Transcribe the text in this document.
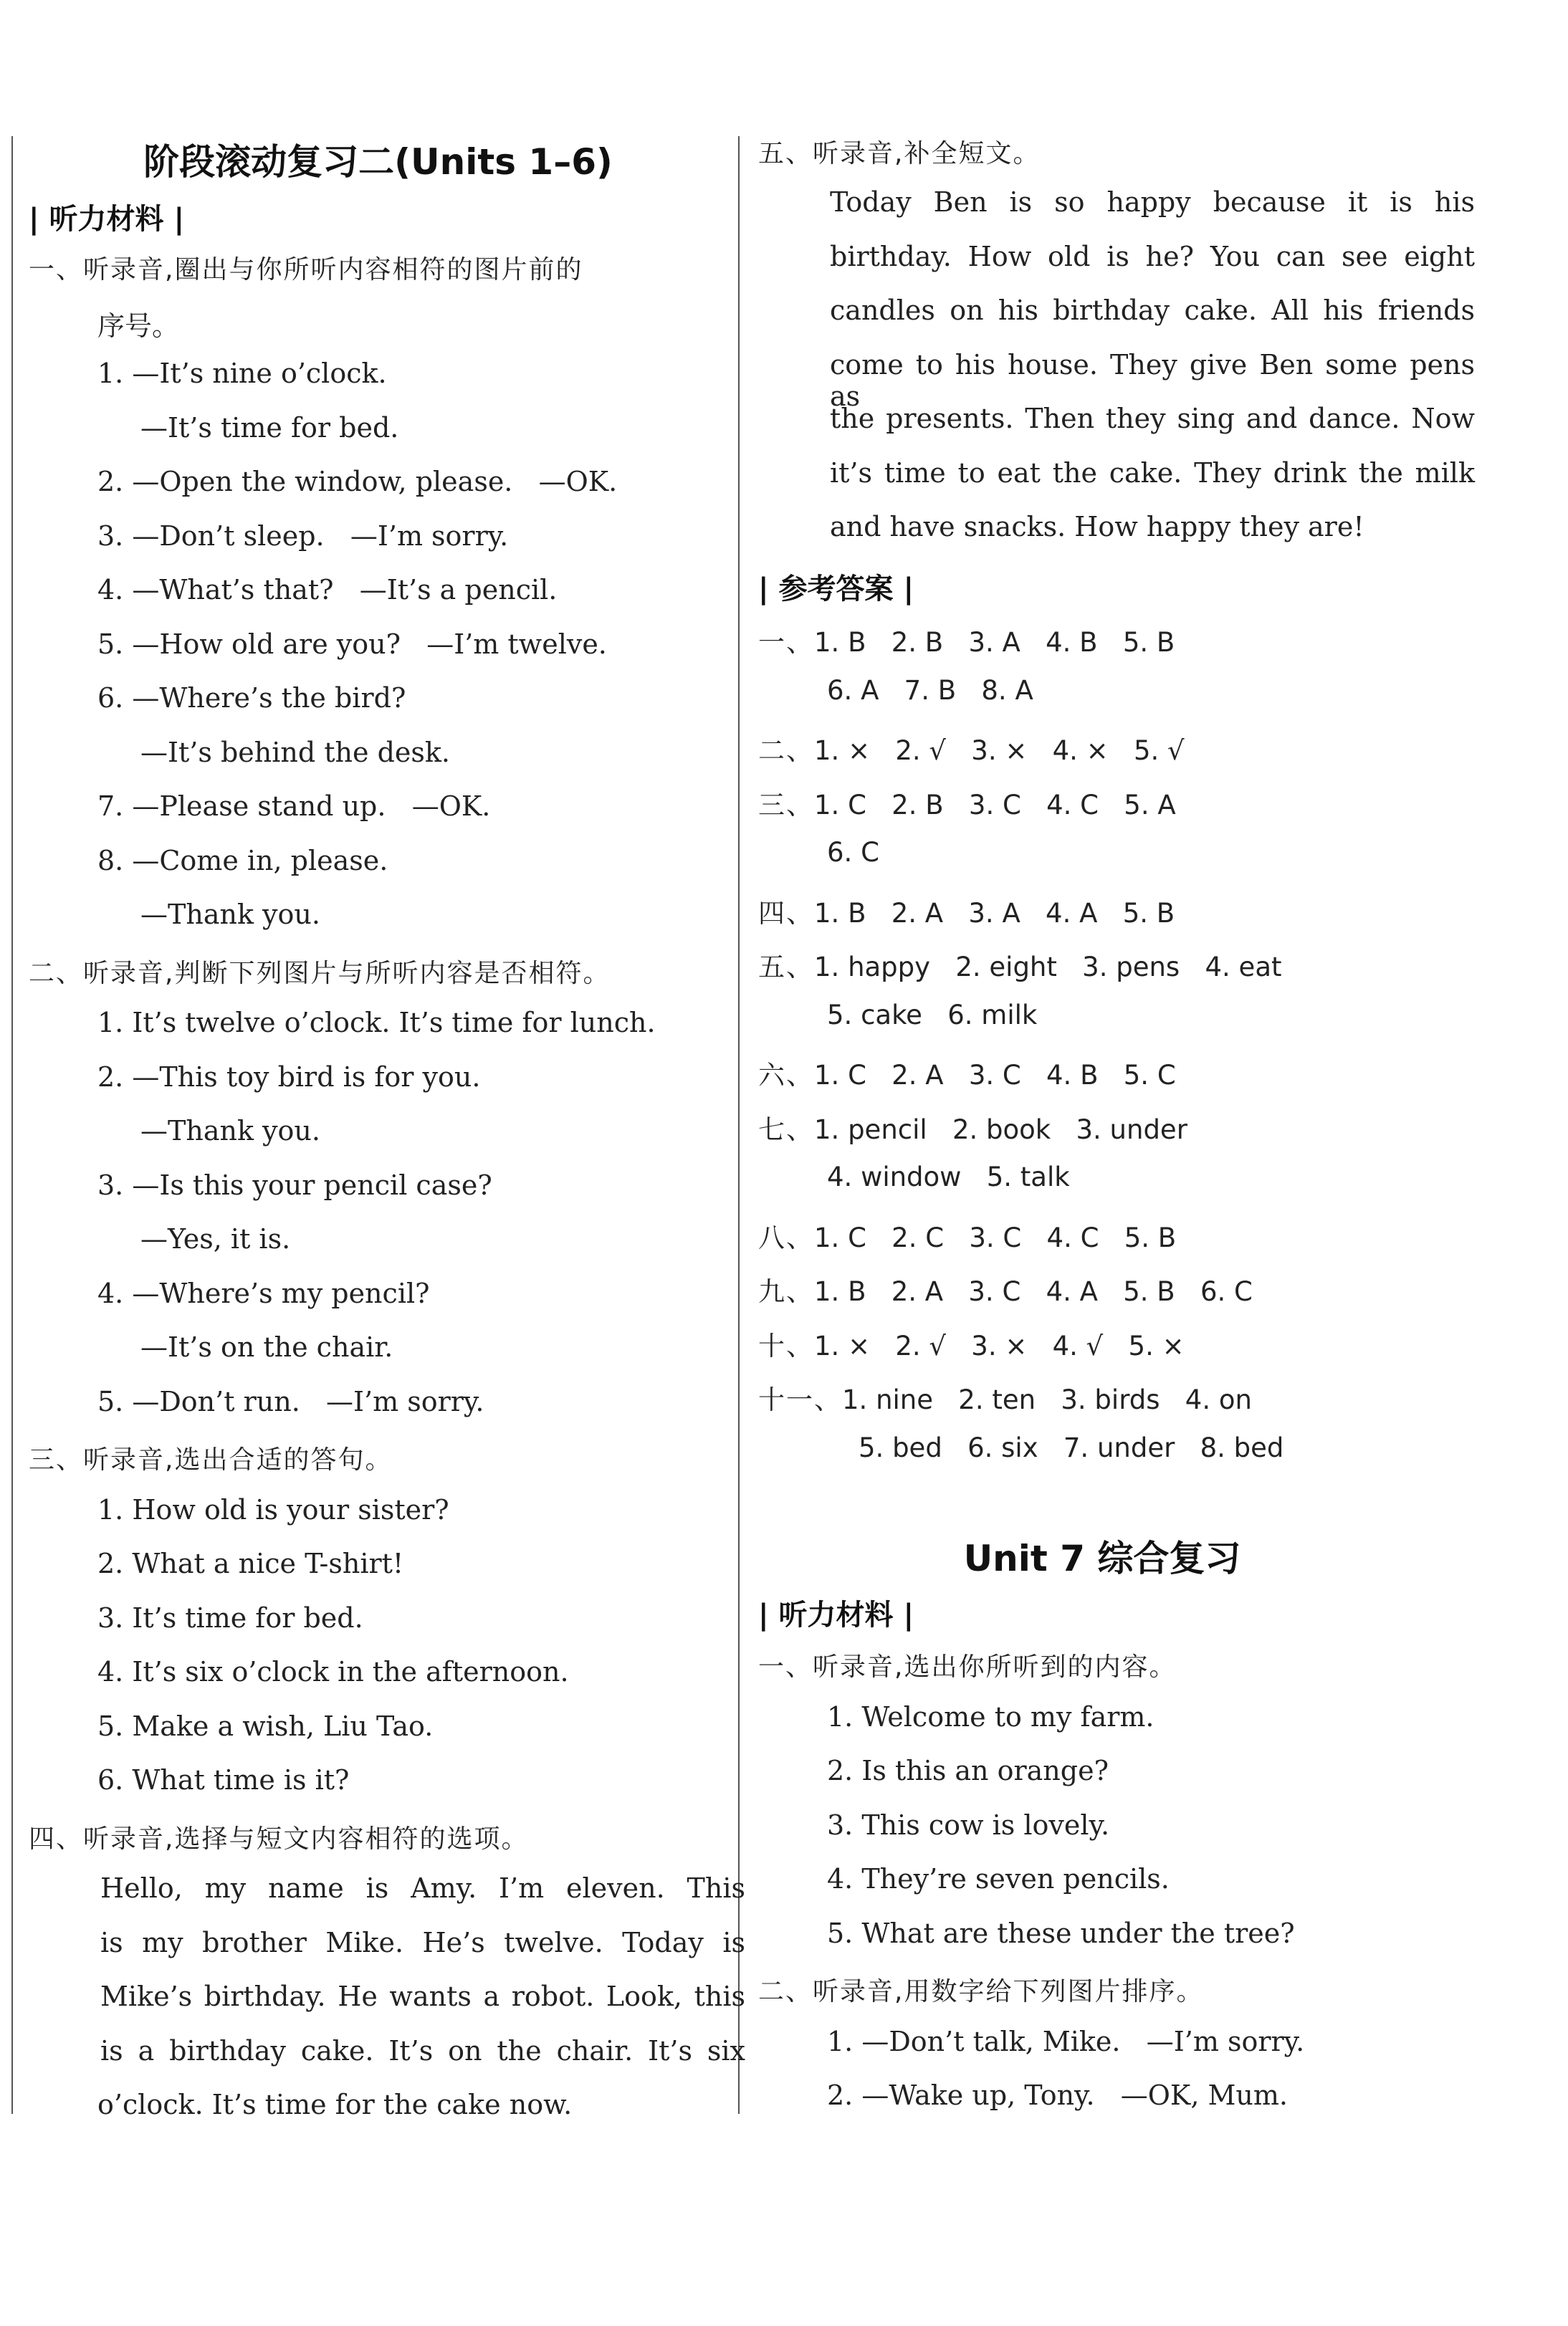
阶段滚动复习二(Units 1–6)
| 听力材料 |
一、听录音,圈出与你所听内容相符的图片前的
序号。
1. —It’s nine o’clock.
—It’s time for bed.
2. —Open the window, please.   —OK.
3. —Don’t sleep.   —I’m sorry.
4. —What’s that?   —It’s a pencil.
5. —How old are you?   —I’m twelve.
6. —Where’s the bird?
—It’s behind the desk.
7. —Please stand up.   —OK.
8. —Come in, please.
—Thank you.
二、听录音,判断下列图片与所听内容是否相符。
1. It’s twelve o’clock. It’s time for lunch.
2. —This toy bird is for you.
—Thank you.
3. —Is this your pencil case?
—Yes, it is.
4. —Where’s my pencil?
—It’s on the chair.
5. —Don’t run.   —I’m sorry.
三、听录音,选出合适的答句。
1. How old is your sister?
2. What a nice T-shirt!
3. It’s time for bed.
4. It’s six o’clock in the afternoon.
5. Make a wish, Liu Tao.
6. What time is it?
四、听录音,选择与短文内容相符的选项。
Hello, my name is Amy. I’m eleven. This
is my brother Mike. He’s twelve. Today is
Mike’s birthday. He wants a robot. Look, this
is a birthday cake. It’s on the chair. It’s six
o’clock. It’s time for the cake now.
五、听录音,补全短文。
| 参考答案 |
Unit 7 综合复习
| 听力材料 |
Today Ben is so happy because it is his
birthday. How old is he? You can see eight
candles on his birthday cake. All his friends
come to his house. They give Ben some pens as
the presents. Then they sing and dance. Now
it’s time to eat the cake. They drink the milk
and have snacks. How happy they are!
一、1. B   2. B   3. A   4. B   5. B
6. A   7. B   8. A
二、1. ×   2. √   3. ×   4. ×   5. √
三、1. C   2. B   3. C   4. C   5. A
6. C
四、1. B   2. A   3. A   4. A   5. B
五、1. happy   2. eight   3. pens   4. eat
5. cake   6. milk
六、1. C   2. A   3. C   4. B   5. C
七、1. pencil   2. book   3. under
4. window   5. talk
八、1. C   2. C   3. C   4. C   5. B
九、1. B   2. A   3. C   4. A   5. B   6. C
十、1. ×   2. √   3. ×   4. √   5. ×
十一、1. nine   2. ten   3. birds   4. on
5. bed   6. six   7. under   8. bed
一、听录音,选出你所听到的内容。
1. Welcome to my farm.
2. Is this an orange?
3. This cow is lovely.
4. They’re seven pencils.
5. What are these under the tree?
二、听录音,用数字给下列图片排序。
1. —Don’t talk, Mike.   —I’m sorry.
2. —Wake up, Tony.   —OK, Mum.
